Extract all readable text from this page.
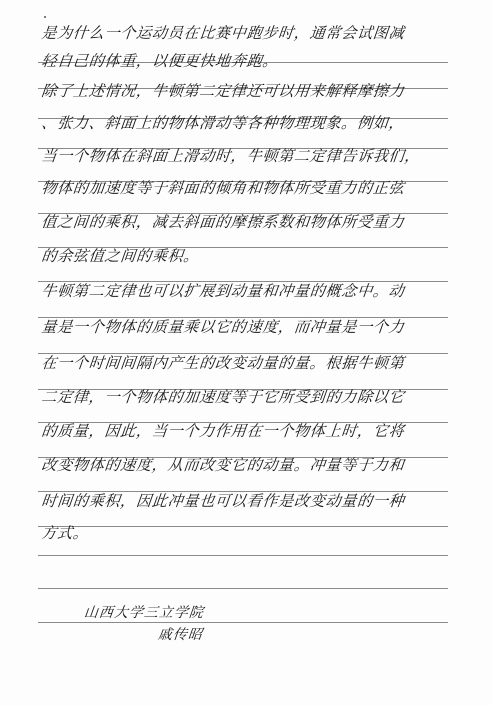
是为什么一个运动员在比赛中跑步时，通常会试图减
轻自己的体重，以便更快地奔跑。
除了上述情况，牛顿第二定律还可以用来解释摩擦力
、张力、斜面上的物体滑动等各种物理现象。例如，
当一个物体在斜面上滑动时，牛顿第二定律告诉我们，
物体的加速度等于斜面的倾角和物体所受重力的正弦
值之间的乘积，减去斜面的摩擦系数和物体所受重力
的余弦值之间的乘积。
牛顿第二定律也可以扩展到动量和冲量的概念中。动
量是一个物体的质量乘以它的速度，而冲量是一个力
在一个时间间隔内产生的改变动量的量。根据牛顿第
二定律，一个物体的加速度等于它所受到的力除以它
的质量，因此，当一个力作用在一个物体上时，它将
改变物体的速度，从而改变它的动量。冲量等于力和
时间的乘积，因此冲量也可以看作是改变动量的一种
方式。
山西大学三立学院
戚传昭
